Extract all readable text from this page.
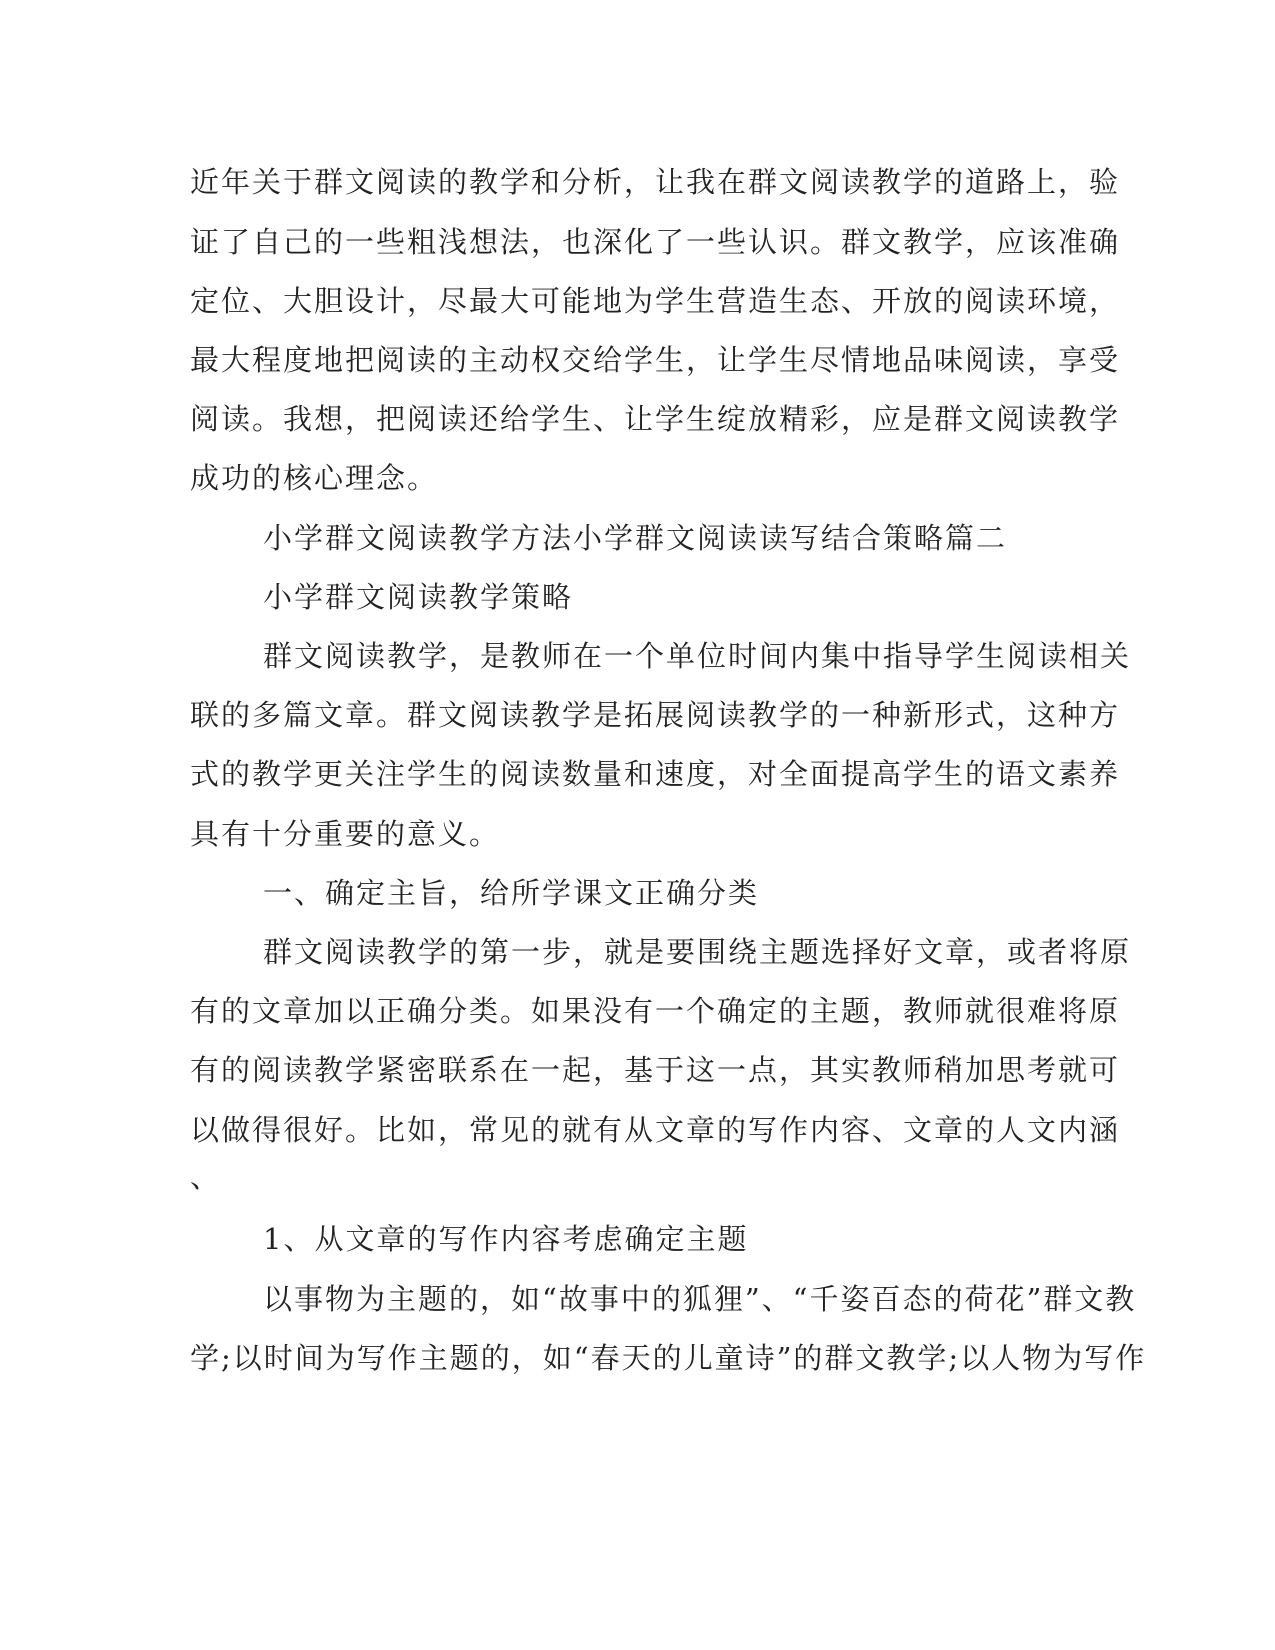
近年关于群文阅读的教学和分析，让我在群文阅读教学的道路上，验
证了自己的一些粗浅想法，也深化了一些认识。群文教学，应该准确
定位、大胆设计，尽最大可能地为学生营造生态、开放的阅读环境，
最大程度地把阅读的主动权交给学生，让学生尽情地品味阅读，享受
阅读。我想，把阅读还给学生、让学生绽放精彩，应是群文阅读教学
成功的核心理念。
小学群文阅读教学方法小学群文阅读读写结合策略篇二
小学群文阅读教学策略
群文阅读教学，是教师在一个单位时间内集中指导学生阅读相关
联的多篇文章。群文阅读教学是拓展阅读教学的一种新形式，这种方
式的教学更关注学生的阅读数量和速度，对全面提高学生的语文素养
具有十分重要的意义。
一、确定主旨，给所学课文正确分类
群文阅读教学的第一步，就是要围绕主题选择好文章，或者将原
有的文章加以正确分类。如果没有一个确定的主题，教师就很难将原
有的阅读教学紧密联系在一起，基于这一点，其实教师稍加思考就可
以做得很好。比如，常见的就有从文章的写作内容、文章的人文内涵
、
1、从文章的写作内容考虑确定主题
以事物为主题的，如“故事中的狐狸”、“千姿百态的荷花”群文教
学;以时间为写作主题的，如“春天的儿童诗”的群文教学;以人物为写作
